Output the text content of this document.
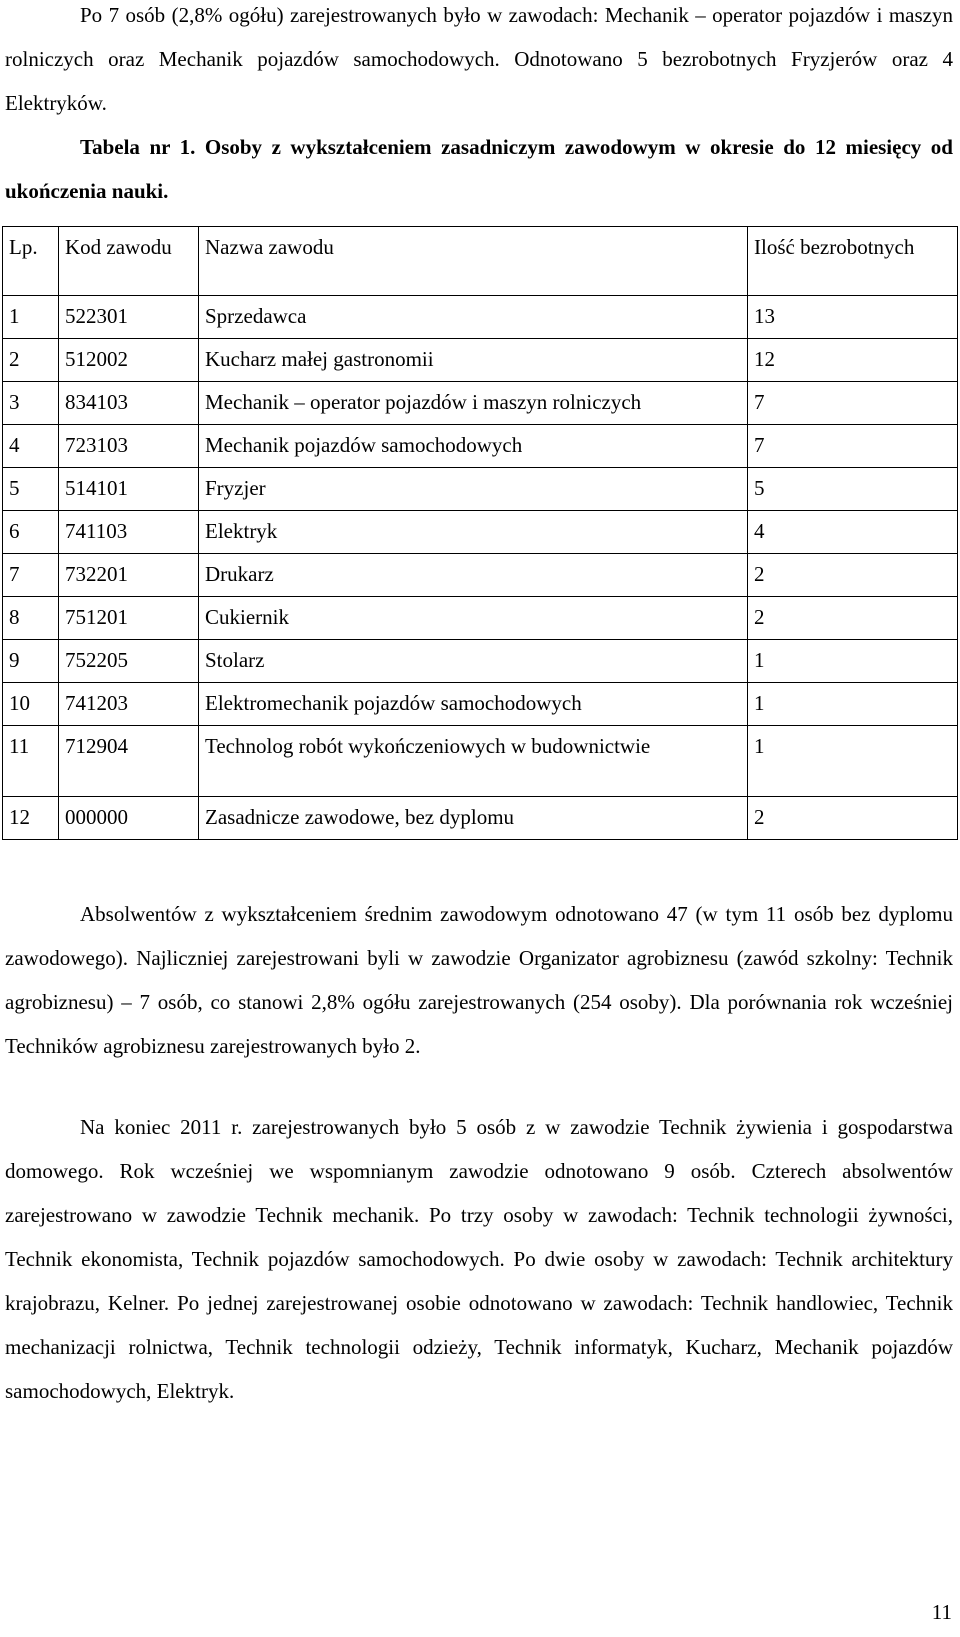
Po 7 osób (2,8% ogółu) zarejestrowanych było w zawodach: Mechanik – operator pojazdów i maszyn rolniczych oraz Mechanik pojazdów samochodowych. Odnotowano 5 bezrobotnych Fryzjerów oraz 4 Elektryków.

Tabela nr 1. Osoby z wykształceniem zasadniczym zawodowym w okresie do 12 miesięcy od ukończenia nauki.

Lp.	Kod zawodu	Nazwa zawodu	Ilość bezrobotnych
1	522301	Sprzedawca	13
2	512002	Kucharz małej gastronomii	12
3	834103	Mechanik – operator pojazdów i maszyn rolniczych	7
4	723103	Mechanik pojazdów samochodowych	7
5	514101	Fryzjer	5
6	741103	Elektryk	4
7	732201	Drukarz	2
8	751201	Cukiernik	2
9	752205	Stolarz	1
10	741203	Elektromechanik pojazdów samochodowych	1
11	712904	Technolog robót wykończeniowych w budownictwie	1
12	000000	Zasadnicze zawodowe, bez dyplomu	2

Absolwentów z wykształceniem średnim zawodowym odnotowano 47 (w tym 11 osób bez dyplomu zawodowego). Najliczniej zarejestrowani byli w zawodzie Organizator agrobiznesu (zawód szkolny: Technik agrobiznesu) – 7 osób, co stanowi 2,8% ogółu zarejestrowanych (254 osoby). Dla porównania rok wcześniej Techników agrobiznesu zarejestrowanych było 2.

Na koniec 2011 r. zarejestrowanych było 5 osób z w zawodzie Technik żywienia i gospodarstwa domowego. Rok wcześniej we wspomnianym zawodzie odnotowano 9 osób. Czterech absolwentów zarejestrowano w zawodzie Technik mechanik. Po trzy osoby w zawodach: Technik technologii żywności, Technik ekonomista, Technik pojazdów samochodowych. Po dwie osoby w zawodach: Technik architektury krajobrazu, Kelner. Po jednej zarejestrowanej osobie odnotowano w zawodach: Technik handlowiec, Technik mechanizacji rolnictwa, Technik technologii odzieży, Technik informatyk, Kucharz, Mechanik pojazdów samochodowych, Elektryk.

11
